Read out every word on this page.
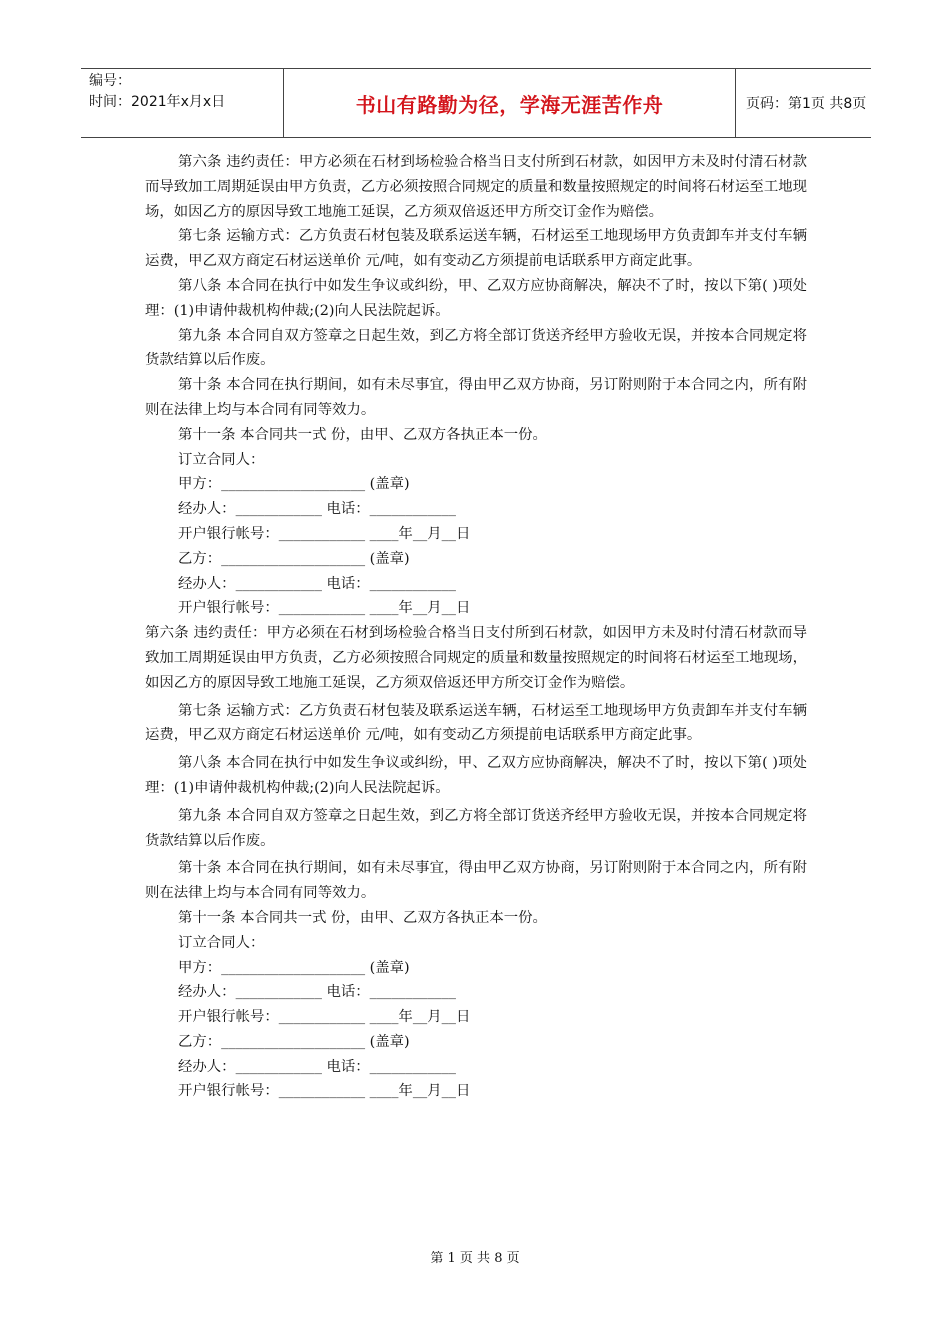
编号：
时间：2021年x月x日	书山有路勤为径，学海无涯苦作舟	页码：第1页 共8页

第六条 违约责任：甲方必须在石材到场检验合格当日支付所到石材款，如因甲方未及时付清石材款而导致加工周期延误由甲方负责，乙方必须按照合同规定的质量和数量按照规定的时间将石材运至工地现场，如因乙方的原因导致工地施工延误，乙方须双倍返还甲方所交订金作为赔偿。

第七条 运输方式：乙方负责石材包装及联系运送车辆，石材运至工地现场甲方负责卸车并支付车辆运费，甲乙双方商定石材运送单价 元/吨，如有变动乙方须提前电话联系甲方商定此事。

第八条 本合同在执行中如发生争议或纠纷，甲、乙双方应协商解决，解决不了时，按以下第( )项处理：(1)申请仲裁机构仲裁;(2)向人民法院起诉。

第九条 本合同自双方签章之日起生效，到乙方将全部订货送齐经甲方验收无误，并按本合同规定将货款结算以后作废。

第十条 本合同在执行期间，如有未尽事宜，得由甲乙双方协商，另订附则附于本合同之内，所有附则在法律上均与本合同有同等效力。

第十一条 本合同共一式 份，由甲、乙双方各执正本一份。

订立合同人：
甲方：____________________ (盖章)
经办人：____________ 电话：____________
开户银行帐号：____________ ____年__月__日
乙方：____________________ (盖章)
经办人：____________ 电话：____________
开户银行帐号：____________ ____年__月__日

第六条 违约责任：甲方必须在石材到场检验合格当日支付所到石材款，如因甲方未及时付清石材款而导致加工周期延误由甲方负责，乙方必须按照合同规定的质量和数量按照规定的时间将石材运至工地现场，如因乙方的原因导致工地施工延误，乙方须双倍返还甲方所交订金作为赔偿。

第七条 运输方式：乙方负责石材包装及联系运送车辆，石材运至工地现场甲方负责卸车并支付车辆运费，甲乙双方商定石材运送单价 元/吨，如有变动乙方须提前电话联系甲方商定此事。

第八条 本合同在执行中如发生争议或纠纷，甲、乙双方应协商解决，解决不了时，按以下第( )项处理：(1)申请仲裁机构仲裁;(2)向人民法院起诉。

第九条 本合同自双方签章之日起生效，到乙方将全部订货送齐经甲方验收无误，并按本合同规定将货款结算以后作废。

第十条 本合同在执行期间，如有未尽事宜，得由甲乙双方协商，另订附则附于本合同之内，所有附则在法律上均与本合同有同等效力。

第十一条 本合同共一式 份，由甲、乙双方各执正本一份。

订立合同人：
甲方：____________________ (盖章)
经办人：____________ 电话：____________
开户银行帐号：____________ ____年__月__日
乙方：____________________ (盖章)
经办人：____________ 电话：____________
开户银行帐号：____________ ____年__月__日
第 1 页 共 8 页
